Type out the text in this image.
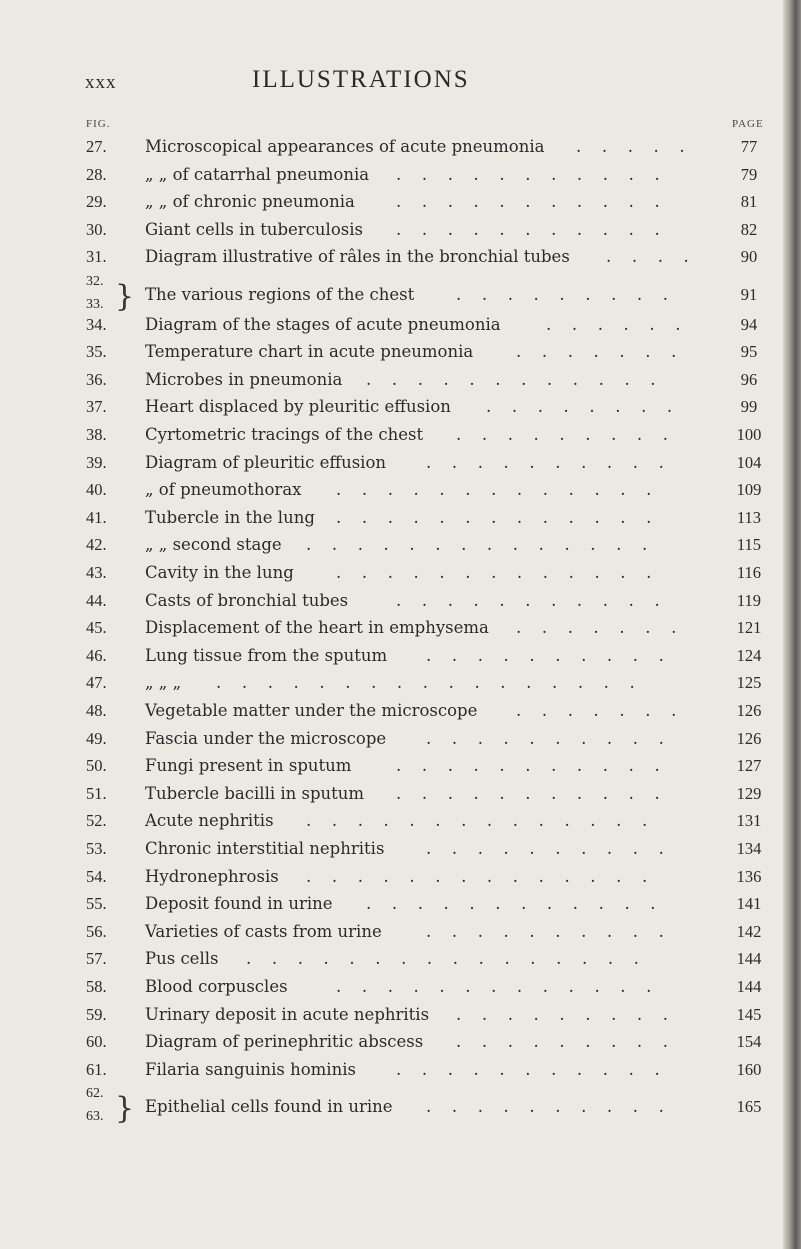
xxx	ILLUSTRATIONS
FIG.	PAGE
27. Microscopical appearances of acute pneumonia	77
.....
28. „ „ of catarrhal pneumonia	79
...........
29. „ „ of chronic pneumonia	81
...........
30. Giant cells in tuberculosis	82
...........
31. Diagram illustrative of râles in the bronchial tubes	90
....
32.
33. } The various regions of the chest	91
.........
34. Diagram of the stages of acute pneumonia	94
......
35. Temperature chart in acute pneumonia	95
.......
36. Microbes in pneumonia	96
............
37. Heart displaced by pleuritic effusion	99
........
38. Cyrtometric tracings of the chest	100
.........
39. Diagram of pleuritic effusion	104
..........
40. „ of pneumothorax	109
.............
41. Tubercle in the lung	113
.............
42. „ „ second stage	115
..............
43. Cavity in the lung	116
.............
44. Casts of bronchial tubes	119
...........
45. Displacement of the heart in emphysema	121
.......
46. Lung tissue from the sputum	124
..........
47. „ „ „	125
.................
48. Vegetable matter under the microscope	126
.......
49. Fascia under the microscope	126
..........
50. Fungi present in sputum	127
...........
51. Tubercle bacilli in sputum	129
...........
52. Acute nephritis	131
..............
53. Chronic interstitial nephritis	134
..........
54. Hydronephrosis	136
..............
55. Deposit found in urine	141
............
56. Varieties of casts from urine	142
..........
57. Pus cells	144
................
58. Blood corpuscles	144
.............
59. Urinary deposit in acute nephritis	145
.........
60. Diagram of perinephritic abscess	154
.........
61. Filaria sanguinis hominis	160
...........
62.
63. } Epithelial cells found in urine	165
..........
